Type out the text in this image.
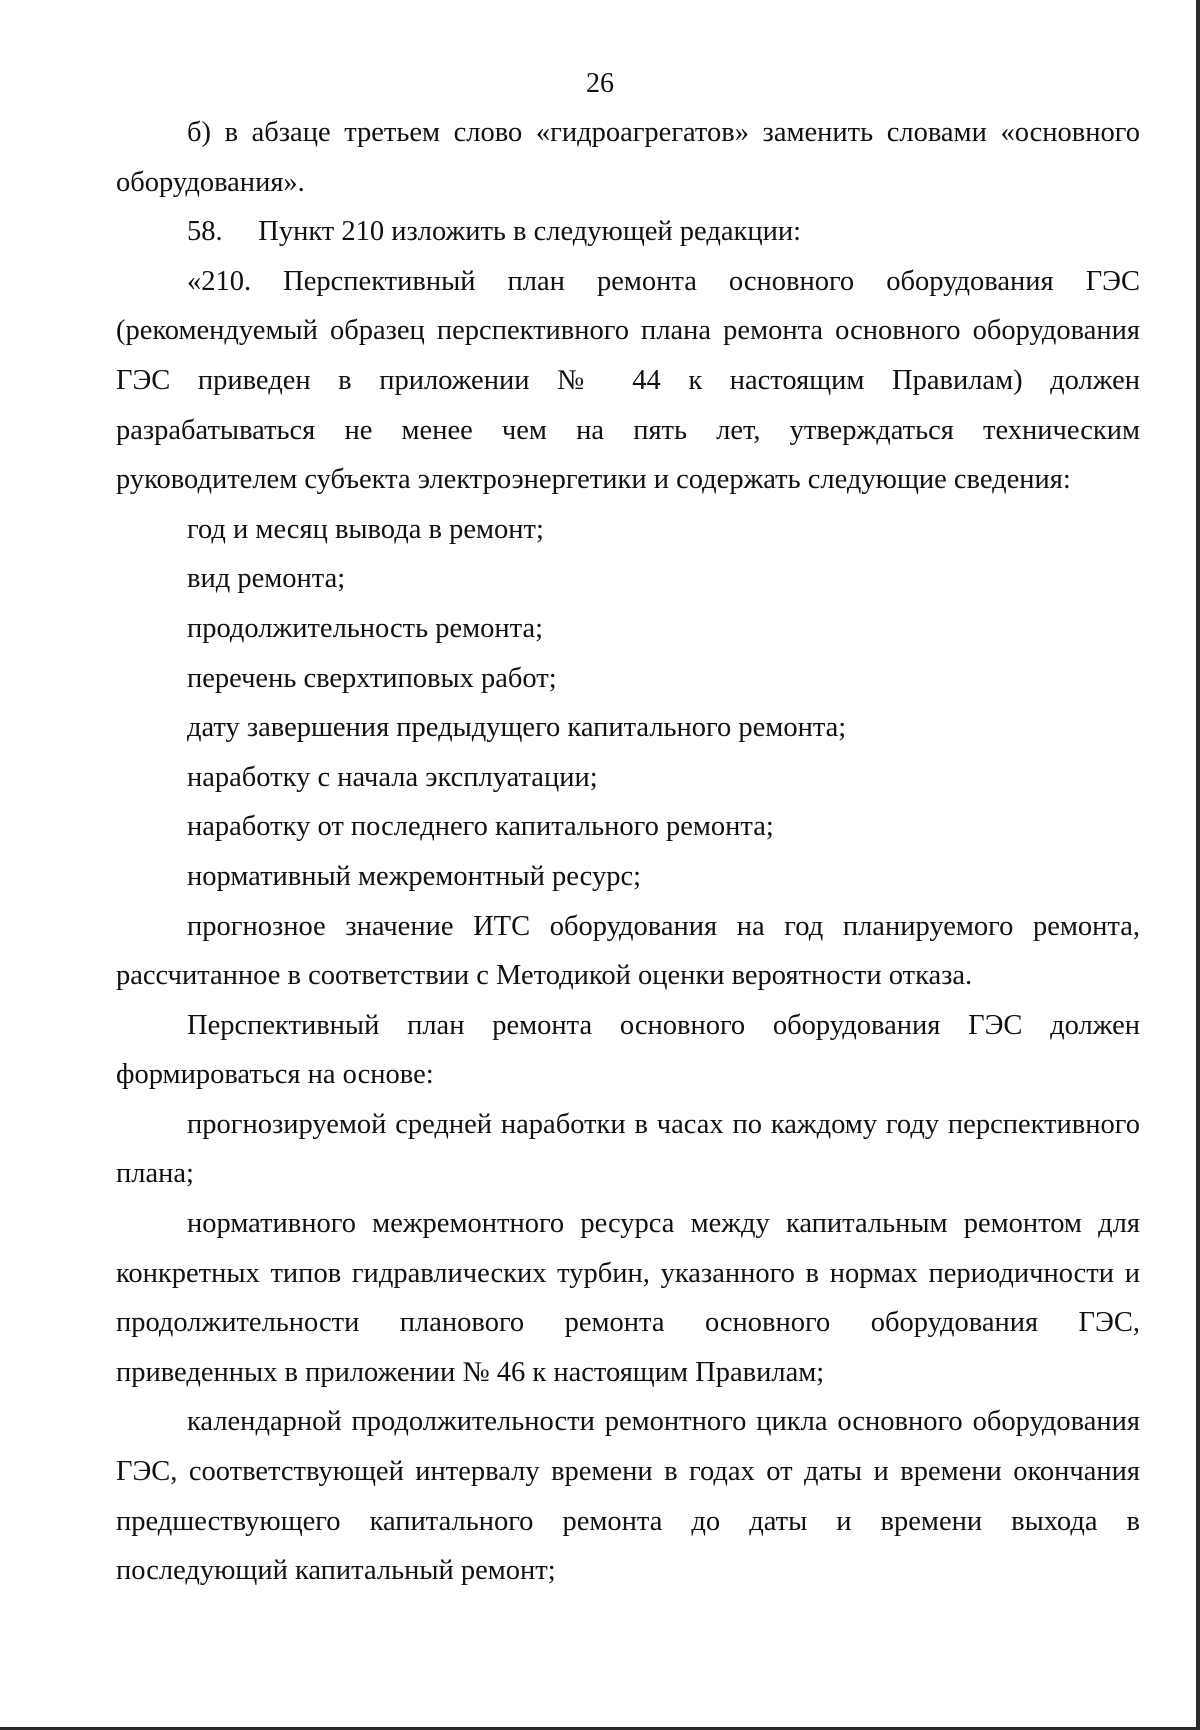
26

б) в абзаце третьем слово «гидроагрегатов» заменить словами «основного оборудования».

58.     Пункт 210 изложить в следующей редакции:

«210. Перспективный план ремонта основного оборудования ГЭС (рекомендуемый образец перспективного плана ремонта основного оборудования ГЭС приведен в приложении № 44 к настоящим Правилам) должен разрабатываться не менее чем на пять лет, утверждаться техническим руководителем субъекта электроэнергетики и содержать следующие сведения:

год и месяц вывода в ремонт;

вид ремонта;

продолжительность ремонта;

перечень сверхтиповых работ;

дату завершения предыдущего капитального ремонта;

наработку с начала эксплуатации;

наработку от последнего капитального ремонта;

нормативный межремонтный ресурс;

прогнозное значение ИТС оборудования на год планируемого ремонта, рассчитанное в соответствии с Методикой оценки вероятности отказа.

Перспективный план ремонта основного оборудования ГЭС должен формироваться на основе:

прогнозируемой средней наработки в часах по каждому году перспективного плана;

нормативного межремонтного ресурса между капитальным ремонтом для конкретных типов гидравлических турбин, указанного в нормах периодичности и продолжительности планового ремонта основного оборудования ГЭС, приведенных в приложении № 46 к настоящим Правилам;

календарной продолжительности ремонтного цикла основного оборудования ГЭС, соответствующей интервалу времени в годах от даты и времени окончания предшествующего капитального ремонта до даты и времени выхода в последующий капитальный ремонт;
